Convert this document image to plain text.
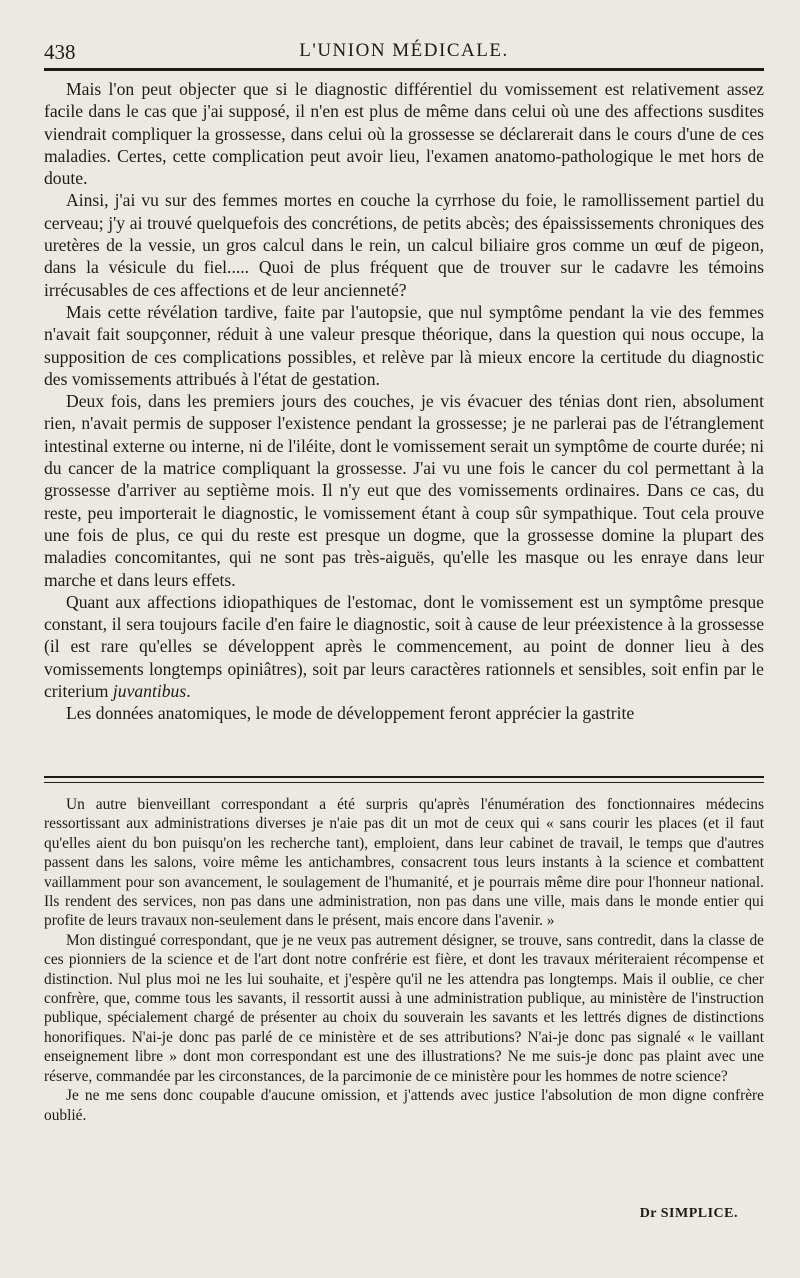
438	L'UNION MÉDICALE.

Mais l'on peut objecter que si le diagnostic différentiel du vomissement est relativement assez facile dans le cas que j'ai supposé, il n'en est plus de même dans celui où une des affections susdites viendrait compliquer la grossesse, dans celui où la grossesse se déclarerait dans le cours d'une de ces maladies. Certes, cette complication peut avoir lieu, l'examen anatomo-pathologique le met hors de doute.

Ainsi, j'ai vu sur des femmes mortes en couche la cyrrhose du foie, le ramollissement partiel du cerveau; j'y ai trouvé quelquefois des concrétions, de petits abcès; des épaississements chroniques des uretères de la vessie, un gros calcul dans le rein, un calcul biliaire gros comme un œuf de pigeon, dans la vésicule du fiel..... Quoi de plus fréquent que de trouver sur le cadavre les témoins irrécusables de ces affections et de leur ancienneté?

Mais cette révélation tardive, faite par l'autopsie, que nul symptôme pendant la vie des femmes n'avait fait soupçonner, réduit à une valeur presque théorique, dans la question qui nous occupe, la supposition de ces complications possibles, et relève par là mieux encore la certitude du diagnostic des vomissements attribués à l'état de gestation.

Deux fois, dans les premiers jours des couches, je vis évacuer des ténias dont rien, absolument rien, n'avait permis de supposer l'existence pendant la grossesse; je ne parlerai pas de l'étranglement intestinal externe ou interne, ni de l'iléite, dont le vomissement serait un symptôme de courte durée; ni du cancer de la matrice compliquant la grossesse. J'ai vu une fois le cancer du col permettant à la grossesse d'arriver au septième mois. Il n'y eut que des vomissements ordinaires. Dans ce cas, du reste, peu importerait le diagnostic, le vomissement étant à coup sûr sympathique. Tout cela prouve une fois de plus, ce qui du reste est presque un dogme, que la grossesse domine la plupart des maladies concomitantes, qui ne sont pas très-aiguës, qu'elle les masque ou les enraye dans leur marche et dans leurs effets.

Quant aux affections idiopathiques de l'estomac, dont le vomissement est un symptôme presque constant, il sera toujours facile d'en faire le diagnostic, soit à cause de leur préexistence à la grossesse (il est rare qu'elles se développent après le commencement, au point de donner lieu à des vomissements longtemps opiniâtres), soit par leurs caractères rationnels et sensibles, soit enfin par le criterium juvantibus.

Les données anatomiques, le mode de développement feront apprécier la gastrite

Un autre bienveillant correspondant a été surpris qu'après l'énumération des fonctionnaires médecins ressortissant aux administrations diverses je n'aie pas dit un mot de ceux qui « sans courir les places (et il faut qu'elles aient du bon puisqu'on les recherche tant), emploient, dans leur cabinet de travail, le temps que d'autres passent dans les salons, voire même les antichambres, consacrent tous leurs instants à la science et combattent vaillamment pour son avancement, le soulagement de l'humanité, et je pourrais même dire pour l'honneur national. Ils rendent des services, non pas dans une administration, non pas dans une ville, mais dans le monde entier qui profite de leurs travaux non-seulement dans le présent, mais encore dans l'avenir. »

Mon distingué correspondant, que je ne veux pas autrement désigner, se trouve, sans contredit, dans la classe de ces pionniers de la science et de l'art dont notre confrérie est fière, et dont les travaux mériteraient récompense et distinction. Nul plus moi ne les lui souhaite, et j'espère qu'il ne les attendra pas longtemps. Mais il oublie, ce cher confrère, que, comme tous les savants, il ressortit aussi à une administration publique, au ministère de l'instruction publique, spécialement chargé de présenter au choix du souverain les savants et les lettrés dignes de distinctions honorifiques. N'ai-je donc pas parlé de ce ministère et de ses attributions? N'ai-je donc pas signalé « le vaillant enseignement libre » dont mon correspondant est une des illustrations? Ne me suis-je donc pas plaint avec une réserve, commandée par les circonstances, de la parcimonie de ce ministère pour les hommes de notre science?

Je ne me sens donc coupable d'aucune omission, et j'attends avec justice l'absolution de mon digne confrère oublié.

Dr SIMPLICE.
